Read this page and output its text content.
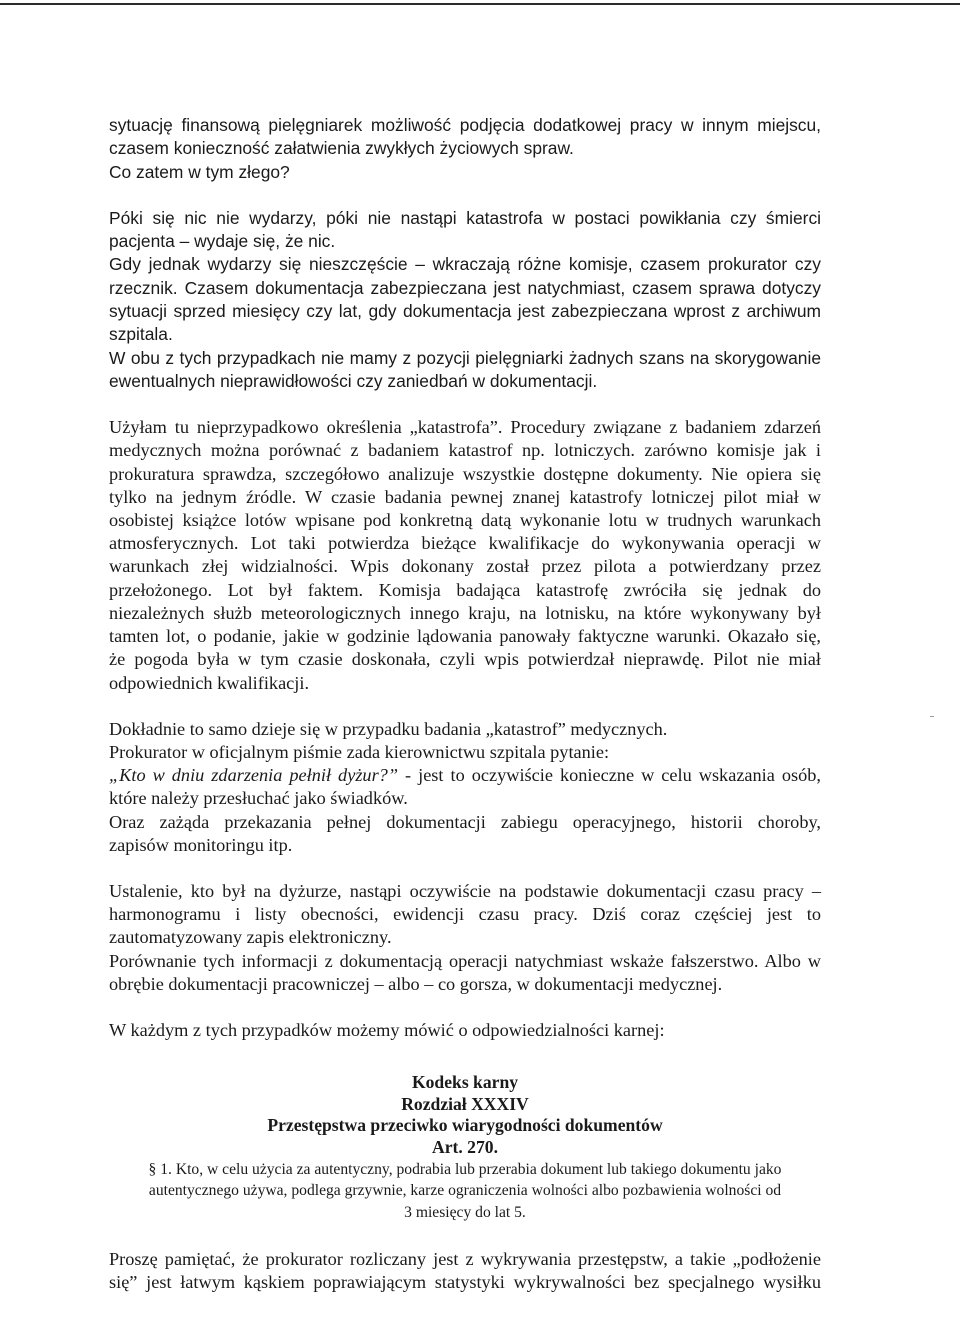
sytuację finansową pielęgniarek możliwość podjęcia dodatkowej pracy w innym miejscu,
czasem konieczność załatwienia zwykłych życiowych spraw.
Co zatem w tym złego?
Póki się nic nie wydarzy, póki nie nastąpi katastrofa w postaci powikłania czy śmierci
pacjenta – wydaje się, że nic.
Gdy jednak wydarzy się nieszczęście – wkraczają różne komisje, czasem prokurator czy
rzecznik. Czasem dokumentacja zabezpieczana jest natychmiast, czasem sprawa dotyczy
sytuacji sprzed miesięcy czy lat, gdy dokumentacja jest zabezpieczana wprost z archiwum
szpitala.
W obu z tych przypadkach nie mamy z pozycji pielęgniarki żadnych szans na skorygowanie
ewentualnych nieprawidłowości czy zaniedbań w dokumentacji.
Użyłam tu nieprzypadkowo określenia „katastrofa”. Procedury związane z badaniem zdarzeń
medycznych można porównać z badaniem katastrof np. lotniczych. zarówno komisje jak i
prokuratura sprawdza, szczegółowo analizuje wszystkie dostępne dokumenty. Nie opiera się
tylko na jednym źródle. W czasie badania pewnej znanej katastrofy lotniczej pilot miał w
osobistej książce lotów wpisane pod konkretną datą wykonanie lotu w trudnych warunkach
atmosferycznych. Lot taki potwierdza bieżące kwalifikacje do wykonywania operacji w
warunkach złej widzialności. Wpis dokonany został przez pilota a potwierdzany przez
przełożonego. Lot był faktem. Komisja badająca katastrofę zwróciła się jednak do
niezależnych służb meteorologicznych innego kraju, na lotnisku, na które wykonywany był
tamten lot, o podanie, jakie w godzinie lądowania panowały faktyczne warunki. Okazało się,
że pogoda była w tym czasie doskonała, czyli wpis potwierdzał nieprawdę. Pilot nie miał
odpowiednich kwalifikacji.
Dokładnie to samo dzieje się w przypadku badania „katastrof” medycznych.
Prokurator w oficjalnym piśmie zada kierownictwu szpitala pytanie:
„Kto w dniu zdarzenia pełnił dyżur?” - jest to oczywiście konieczne w celu wskazania osób,
które należy przesłuchać jako świadków.
Oraz zażąda przekazania pełnej dokumentacji zabiegu operacyjnego, historii choroby,
zapisów monitoringu itp.
Ustalenie, kto był na dyżurze, nastąpi oczywiście na podstawie dokumentacji czasu pracy –
harmonogramu i listy obecności, ewidencji czasu pracy. Dziś coraz częściej jest to
zautomatyzowany zapis elektroniczny.
Porównanie tych informacji z dokumentacją operacji natychmiast wskaże fałszerstwo. Albo w
obrębie dokumentacji pracowniczej – albo – co gorsza, w dokumentacji medycznej.
W każdym z tych przypadków możemy mówić o odpowiedzialności karnej:
Kodeks karny
Rozdział XXXIV
Przestępstwa przeciwko wiarygodności dokumentów
Art. 270.
§ 1. Kto, w celu użycia za autentyczny, podrabia lub przerabia dokument lub takiego dokumentu jako
autentycznego używa, podlega grzywnie, karze ograniczenia wolności albo pozbawienia wolności od
3 miesięcy do lat 5.
Proszę pamiętać, że prokurator rozliczany jest z wykrywania przestępstw, a takie „podłożenie
się” jest łatwym kąskiem poprawiającym statystyki wykrywalności bez specjalnego wysiłku
